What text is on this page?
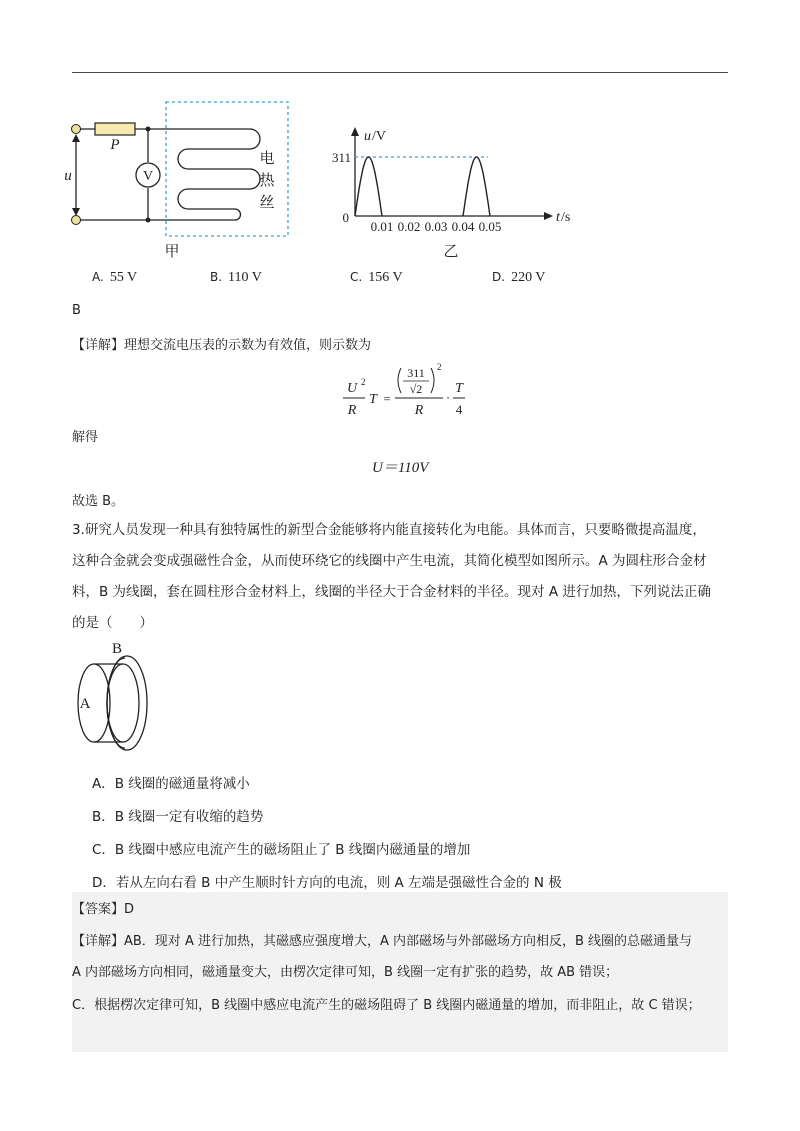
V
P
u
电
热
丝
甲
0.01 0.02 0.03 0.04 0.05
u /V
t /s
311
0
乙
A. 55 V	B. 110 V	C. 156 V	D. 220 V
B
【详解】理想交流电压表的示数为有效值，则示数为
U 2
R
T =
311
√2
2
R
·
T
4
解得
U＝110V
故选 B。

3.研究人员发现一种具有独特属性的新型合金能够将内能直接转化为电能。具体而言，只要略微提高温度，

这种合金就会变成强磁性合金，从而使环绕它的线圈中产生电流，其简化模型如图所示。A 为圆柱形合金材

料，B 为线圈，套在圆柱形合金材料上，线圈的半径大于合金材料的半径。现对 A 进行加热，下列说法正确

的是（　　）

A
B
A．B 线圈的磁通量将减小
B．B 线圈一定有收缩的趋势
C．B 线圈中感应电流产生的磁场阻止了 B 线圈内磁通量的增加
D．若从左向右看 B 中产生顺时针方向的电流，则 A 左端是强磁性合金的 N 极
【答案】D
【详解】AB．现对 A 进行加热，其磁感应强度增大，A 内部磁场与外部磁场方向相反，B 线圈的总磁通量与
A 内部磁场方向相同，磁通量变大，由楞次定律可知，B 线圈一定有扩张的趋势，故 AB 错误；
C．根据楞次定律可知，B 线圈中感应电流产生的磁场阻碍了 B 线圈内磁通量的增加，而非阻止，故 C 错误；
